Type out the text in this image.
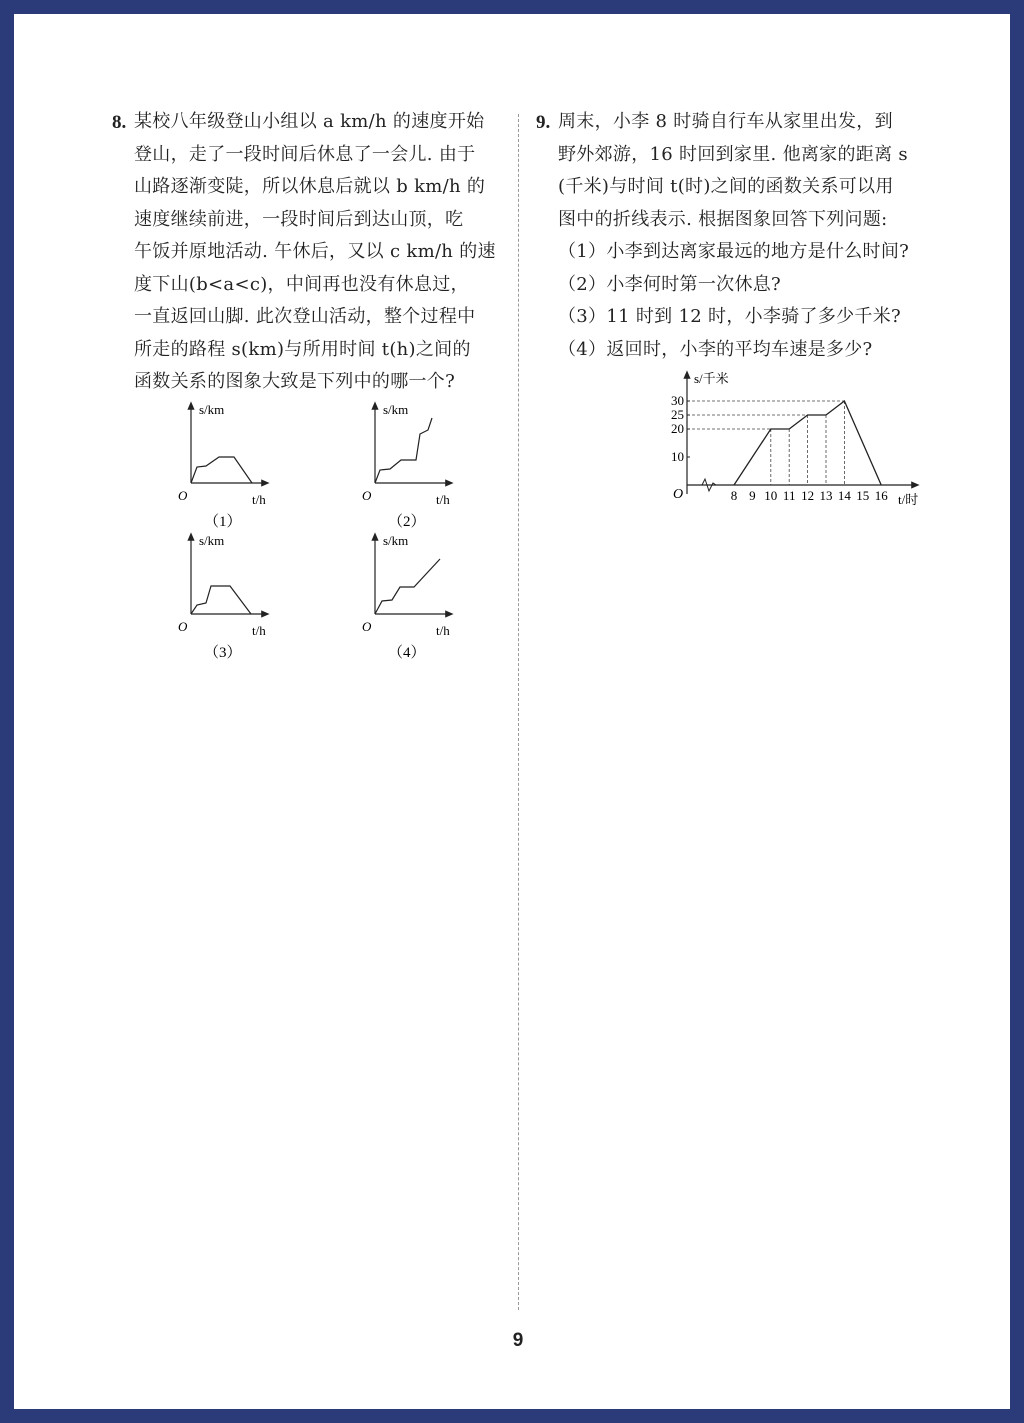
8. 某校八年级登山小组以 a km/h 的速度开始
登山，走了一段时间后休息了一会儿. 由于
山路逐渐变陡，所以休息后就以 b km/h 的
速度继续前进，一段时间后到达山顶，吃
午饭并原地活动. 午休后，又以 c km/h 的速
度下山(b<a<c)，中间再也没有休息过，
一直返回山脚. 此次登山活动，整个过程中
所走的路程 s(km)与所用时间 t(h)之间的
函数关系的图象大致是下列中的哪一个?
s/km
O	t/h
（1）
s/km
O	t/h
（2）
s/km
O	t/h
（3）
s/km
O	t/h
（4）
9. 周末，小李 8 时骑自行车从家里出发，到
野外郊游，16 时回到家里. 他离家的距离 s
(千米)与时间 t(时)之间的函数关系可以用
图中的折线表示. 根据图象回答下列问题:
（1）小李到达离家最远的地方是什么时间?
（2）小李何时第一次休息?
（3）11 时到 12 时，小李骑了多少千米?
（4）返回时，小李的平均车速是多少?
s/千米
t/时
O	8 9 10 11 12 13 14 15 16
10
20
25
30
9
